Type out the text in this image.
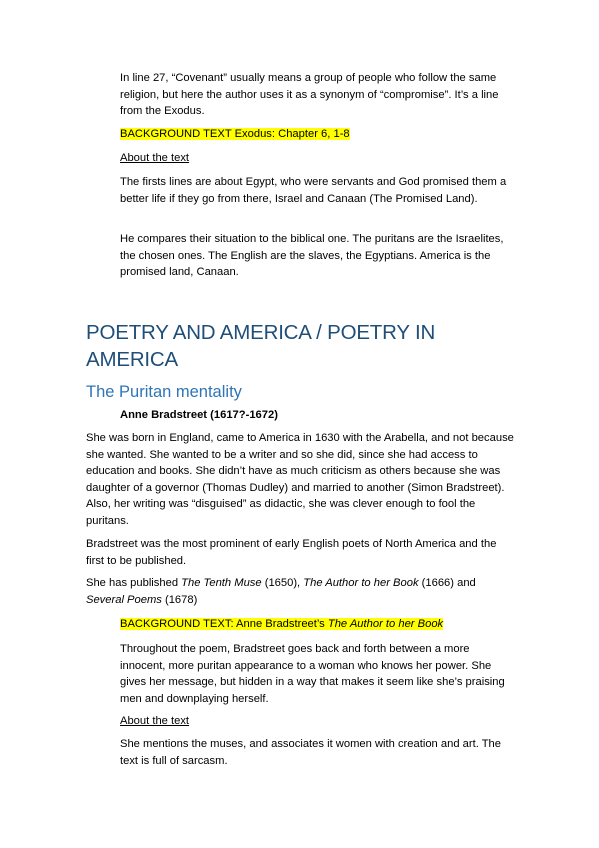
In line 27, “Covenant” usually means a group of people who follow the same religion, but here the author uses it as a synonym of “compromise”. It’s a line from the Exodus.

BACKGROUND TEXT Exodus: Chapter 6, 1-8

About the text

The firsts lines are about Egypt, who were servants and God promised them a better life if they go from there, Israel and Canaan (The Promised Land).

He compares their situation to the biblical one. The puritans are the Israelites, the chosen ones. The English are the slaves, the Egyptians. America is the promised land, Canaan.

POETRY AND AMERICA / POETRY IN AMERICA
The Puritan mentality
Anne Bradstreet (1617?-1672)

She was born in England, came to America in 1630 with the Arabella, and not because she wanted. She wanted to be a writer and so she did, since she had access to education and books. She didn’t have as much criticism as others because she was daughter of a governor (Thomas Dudley) and married to another (Simon Bradstreet). Also, her writing was “disguised” as didactic, she was clever enough to fool the puritans.

Bradstreet was the most prominent of early English poets of North America and the first to be published.

She has published The Tenth Muse (1650), The Author to her Book (1666) and Several Poems (1678)

BACKGROUND TEXT: Anne Bradstreet’s The Author to her Book

Throughout the poem, Bradstreet goes back and forth between a more innocent, more puritan appearance to a woman who knows her power. She gives her message, but hidden in a way that makes it seem like she’s praising men and downplaying herself.

About the text

She mentions the muses, and associates it women with creation and art. The text is full of sarcasm.
